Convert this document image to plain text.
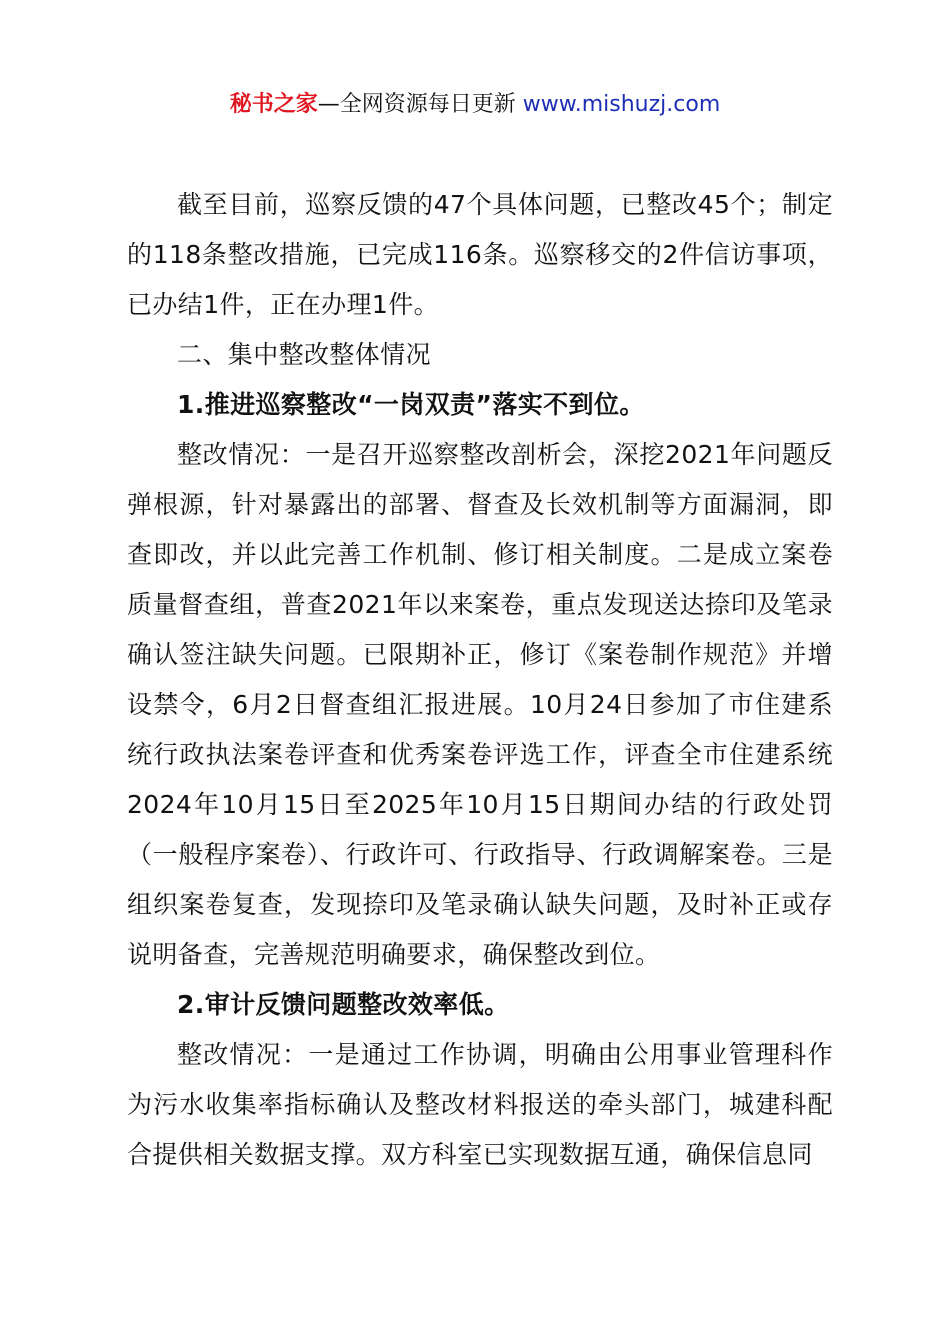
秘书之家—全网资源每日更新 www.mishuzj.com

截至目前，巡察反馈的47个具体问题，已整改45个；制定的118条整改措施，已完成116条。巡察移交的2件信访事项，已办结1件，正在办理1件。

二、集中整改整体情况

1.推进巡察整改“一岗双责”落实不到位。

整改情况：一是召开巡察整改剖析会，深挖2021年问题反弹根源，针对暴露出的部署、督查及长效机制等方面漏洞，即查即改，并以此完善工作机制、修订相关制度。二是成立案卷质量督查组，普查2021年以来案卷，重点发现送达捺印及笔录确认签注缺失问题。已限期补正，修订《案卷制作规范》并增设禁令，6月2日督查组汇报进展。10月24日参加了市住建系统行政执法案卷评查和优秀案卷评选工作，评查全市住建系统2024年10月15日至2025年10月15日期间办结的行政处罚（一般程序案卷）、行政许可、行政指导、行政调解案卷。三是组织案卷复查，发现捺印及笔录确认缺失问题，及时补正或存说明备查，完善规范明确要求，确保整改到位。

2.审计反馈问题整改效率低。

整改情况：一是通过工作协调，明确由公用事业管理科作为污水收集率指标确认及整改材料报送的牵头部门，城建科配合提供相关数据支撑。双方科室已实现数据互通，确保信息同
